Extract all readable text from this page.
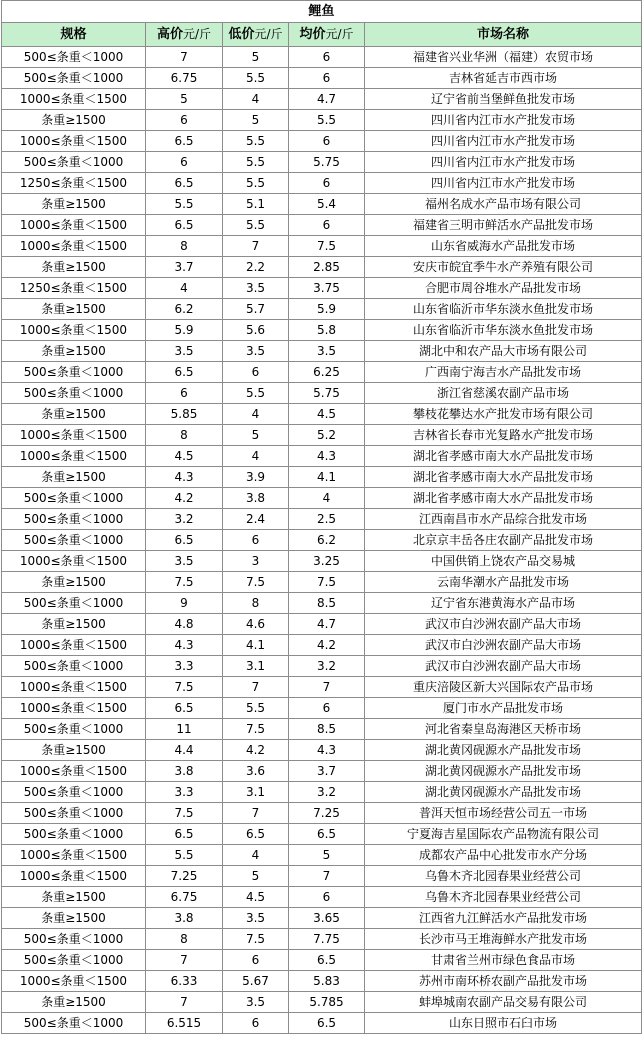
鲤鱼				
规格	高价元/斤	低价元/斤	均价元/斤	市场名称
500≤条重＜1000	7	5	6	福建省兴业华洲（福建）农贸市场
500≤条重＜1000	6.75	5.5	6	吉林省延吉市西市场
1000≤条重＜1500	5	4	4.7	辽宁省前当堡鲜鱼批发市场
条重≥1500	6	5	5.5	四川省内江市水产批发市场
1000≤条重＜1500	6.5	5.5	6	四川省内江市水产批发市场
500≤条重＜1000	6	5.5	5.75	四川省内江市水产批发市场
1250≤条重＜1500	6.5	5.5	6	四川省内江市水产批发市场
条重≥1500	5.5	5.1	5.4	福州名成水产品市场有限公司
1000≤条重＜1500	6.5	5.5	6	福建省三明市鲜活水产品批发市场
1000≤条重＜1500	8	7	7.5	山东省威海水产品批发市场
条重≥1500	3.7	2.2	2.85	安庆市皖宜季牛水产养殖有限公司
1250≤条重＜1500	4	3.5	3.75	合肥市周谷堆水产品批发市场
条重≥1500	6.2	5.7	5.9	山东省临沂市华东淡水鱼批发市场
1000≤条重＜1500	5.9	5.6	5.8	山东省临沂市华东淡水鱼批发市场
条重≥1500	3.5	3.5	3.5	湖北中和农产品大市场有限公司
500≤条重＜1000	6.5	6	6.25	广西南宁海吉水产品批发市场
500≤条重＜1000	6	5.5	5.75	浙江省慈溪农副产品市场
条重≥1500	5.85	4	4.5	攀枝花攀达水产批发市场有限公司
1000≤条重＜1500	8	5	5.2	吉林省长春市光复路水产批发市场
1000≤条重＜1500	4.5	4	4.3	湖北省孝感市南大水产品批发市场
条重≥1500	4.3	3.9	4.1	湖北省孝感市南大水产品批发市场
500≤条重＜1000	4.2	3.8	4	湖北省孝感市南大水产品批发市场
500≤条重＜1000	3.2	2.4	2.5	江西南昌市水产品综合批发市场
500≤条重＜1000	6.5	6	6.2	北京京丰岳各庄农副产品批发市场
1000≤条重＜1500	3.5	3	3.25	中国供销上饶农产品交易城
条重≥1500	7.5	7.5	7.5	云南华潮水产品批发市场
500≤条重＜1000	9	8	8.5	辽宁省东港黄海水产品市场
条重≥1500	4.8	4.6	4.7	武汉市白沙洲农副产品大市场
1000≤条重＜1500	4.3	4.1	4.2	武汉市白沙洲农副产品大市场
500≤条重＜1000	3.3	3.1	3.2	武汉市白沙洲农副产品大市场
1000≤条重＜1500	7.5	7	7	重庆涪陵区新大兴国际农产品市场
1000≤条重＜1500	6.5	5.5	6	厦门市水产品批发市场
500≤条重＜1000	11	7.5	8.5	河北省秦皇岛海港区天桥市场
条重≥1500	4.4	4.2	4.3	湖北黄冈砚源水产品批发市场
1000≤条重＜1500	3.8	3.6	3.7	湖北黄冈砚源水产品批发市场
500≤条重＜1000	3.3	3.1	3.2	湖北黄冈砚源水产品批发市场
500≤条重＜1000	7.5	7	7.25	普洱天恒市场经营公司五一市场
500≤条重＜1000	6.5	6.5	6.5	宁夏海吉星国际农产品物流有限公司
1000≤条重＜1500	5.5	4	5	成都农产品中心批发市水产分场
1000≤条重＜1500	7.25	5	7	乌鲁木齐北园春果业经营公司
条重≥1500	6.75	4.5	6	乌鲁木齐北园春果业经营公司
条重≥1500	3.8	3.5	3.65	江西省九江鲜活水产品批发市场
500≤条重＜1000	8	7.5	7.75	长沙市马王堆海鲜水产批发市场
500≤条重＜1000	7	6	6.5	甘肃省兰州市绿色食品市场
1000≤条重＜1500	6.33	5.67	5.83	苏州市南环桥农副产品批发市场
条重≥1500	7	3.5	5.785	蚌埠城南农副产品交易有限公司
500≤条重＜1000	6.515	6	6.5	山东日照市石臼市场
